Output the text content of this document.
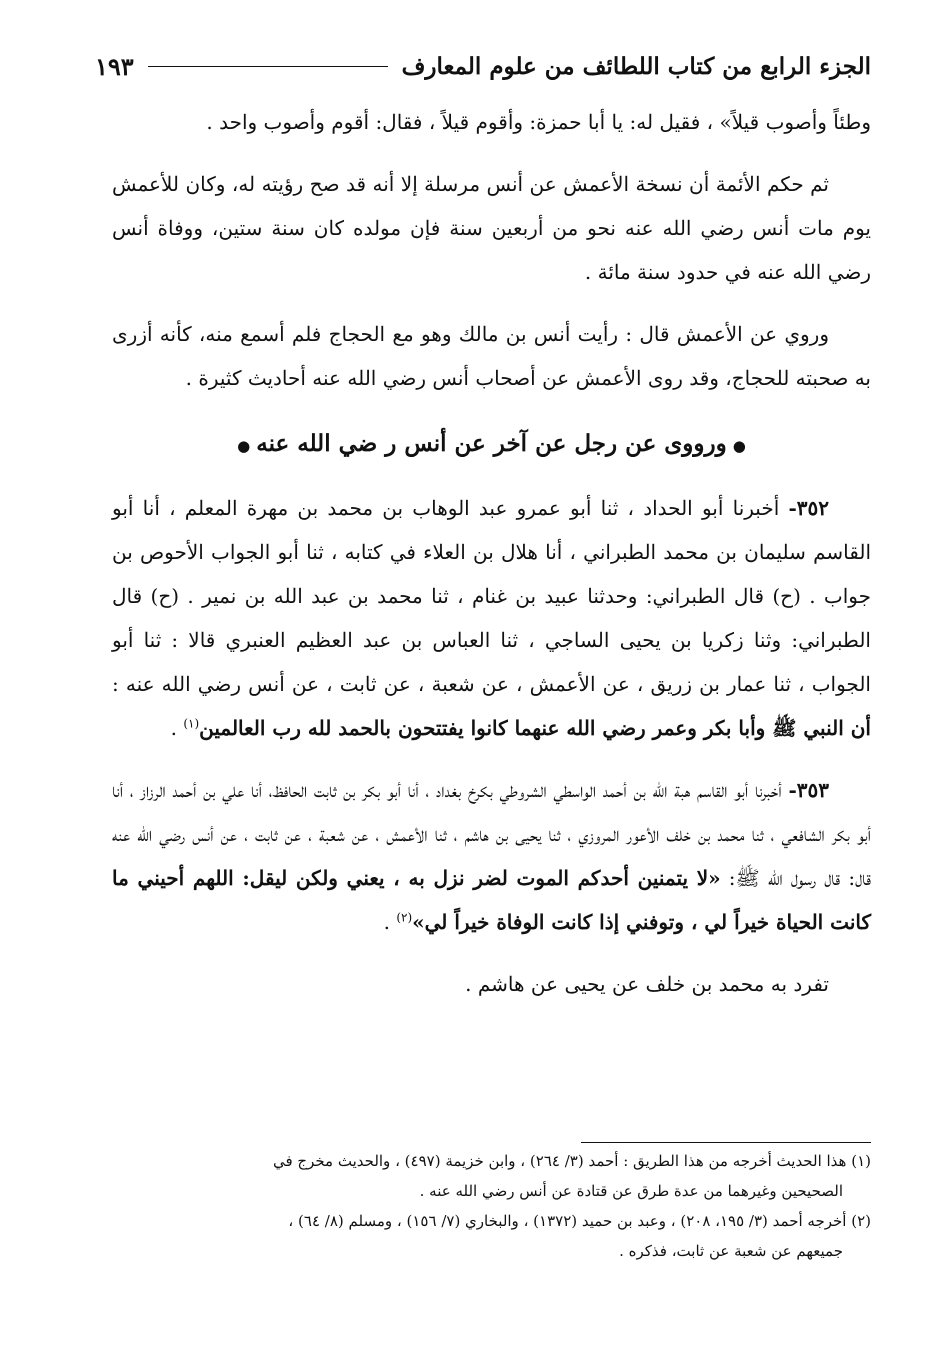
الجزء الرابع من كتاب اللطائف من علوم المعارف
١٩٣

وطئاً وأصوب قيلاً» ، فقيل له: يا أبا حمزة: وأقوم قيلاً ، فقال: أقوم وأصوب واحد .

ثم حكم الأئمة أن نسخة الأعمش عن أنس مرسلة إلا أنه قد صح رؤيته له، وكان للأعمش يوم مات أنس رضي الله عنه نحو من أربعين سنة فإن مولده كان سنة ستين، ووفاة أنس رضي الله عنه في حدود سنة مائة .

وروي عن الأعمش قال : رأيت أنس بن مالك وهو مع الحجاج فلم أسمع منه، كأنه أزرى به صحبته للحجاج، وقد روى الأعمش عن أصحاب أنس رضي الله عنه أحاديث كثيرة .

●ورووى عن رجل عن آخر عن أنس ر ضي الله عنه●

٣٥٢- أخبرنا أبو الحداد ، ثنا أبو عمرو عبد الوهاب بن محمد بن مهرة المعلم ، أنا أبو القاسم سليمان بن محمد الطبراني ، أنا هلال بن العلاء في كتابه ، ثنا أبو الجواب الأحوص بن جواب . (ح) قال الطبراني: وحدثنا عبيد بن غنام ، ثنا محمد بن عبد الله بن نمير . (ح) قال الطبراني: وثنا زكريا بن يحيى الساجي ، ثنا العباس بن عبد العظيم العنبري قالا : ثنا أبو الجواب ، ثنا عمار بن زريق ، عن الأعمش ، عن شعبة ، عن ثابت ، عن أنس رضي الله عنه : أن النبي ﷺ وأبا بكر وعمر رضي الله عنهما كانوا يفتتحون بالحمد لله رب العالمين$^{(١)}$ .

٣٥٣- أخبرنا أبو القاسم هبة الله بن أحمد الواسطي الشروطي بكرخ بغداد ، أنا أبو بكر بن ثابت الحافظ، أنا علي بن أحمد الرزاز ، أنا أبو بكر الشافعي ، ثنا محمد بن خلف الأعور المروزي ، ثنا يحيى بن هاشم ، ثنا الأعمش ، عن شعبة ، عن ثابت ، عن أنس رضي الله عنه قال: قال رسول الله ﷺ: «لا يتمنين أحدكم الموت لضر نزل به ، يعني ولكن ليقل: اللهم أحيني ما كانت الحياة خيراً لي ، وتوفني إذا كانت الوفاة خيراً لي»$^{(٢)}$ .

تفرد به محمد بن خلف عن يحيى عن هاشم .

(١) هذا الحديث أخرجه من هذا الطريق : أحمد (٣/ ٢٦٤) ، وابن خزيمة (٤٩٧) ، والحديث مخرج في

الصحيحين وغيرهما من عدة طرق عن قتادة عن أنس رضي الله عنه .

(٢) أخرجه أحمد (٣/ ١٩٥، ٢٠٨) ، وعبد بن حميد (١٣٧٢) ، والبخاري (٧/ ١٥٦) ، ومسلم (٨/ ٦٤) ،

جميعهم عن شعبة عن ثابت، فذكره .
